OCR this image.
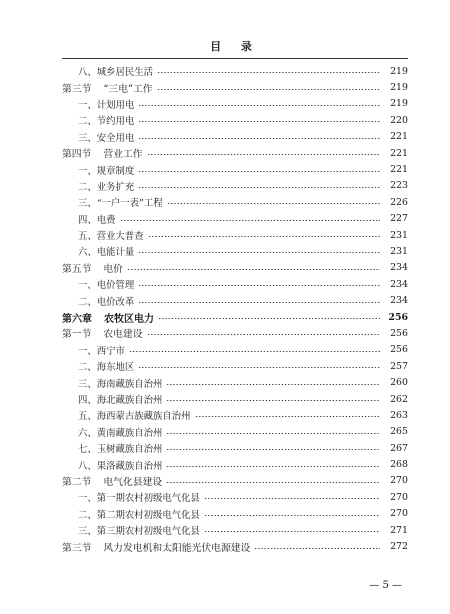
目 录
八、城乡居民生活	219
第三节 “三电”工作	219
一、计划用电	219
二、节约用电	220
三、安全用电	221
第四节 营业工作	221
一、规章制度	221
二、业务扩充	223
三、“一户一表”工程	226
四、电费	227
五、营业大普查	231
六、电能计量	231
第五节 电价	234
一、电价管理	234
二、电价改革	234
第六章 农牧区电力	256
第一节 农电建设	256
一、西宁市	256
二、海东地区	257
三、海南藏族自治州	260
四、海北藏族自治州	262
五、海西蒙古族藏族自治州	263
六、黄南藏族自治州	265
七、玉树藏族自治州	267
八、果洛藏族自治州	268
第二节 电气化县建设	270
一、第一期农村初级电气化县	270
二、第二期农村初级电气化县	270
三、第三期农村初级电气化县	271
第三节 风力发电机和太阳能光伏电源建设	272
— 5 —
